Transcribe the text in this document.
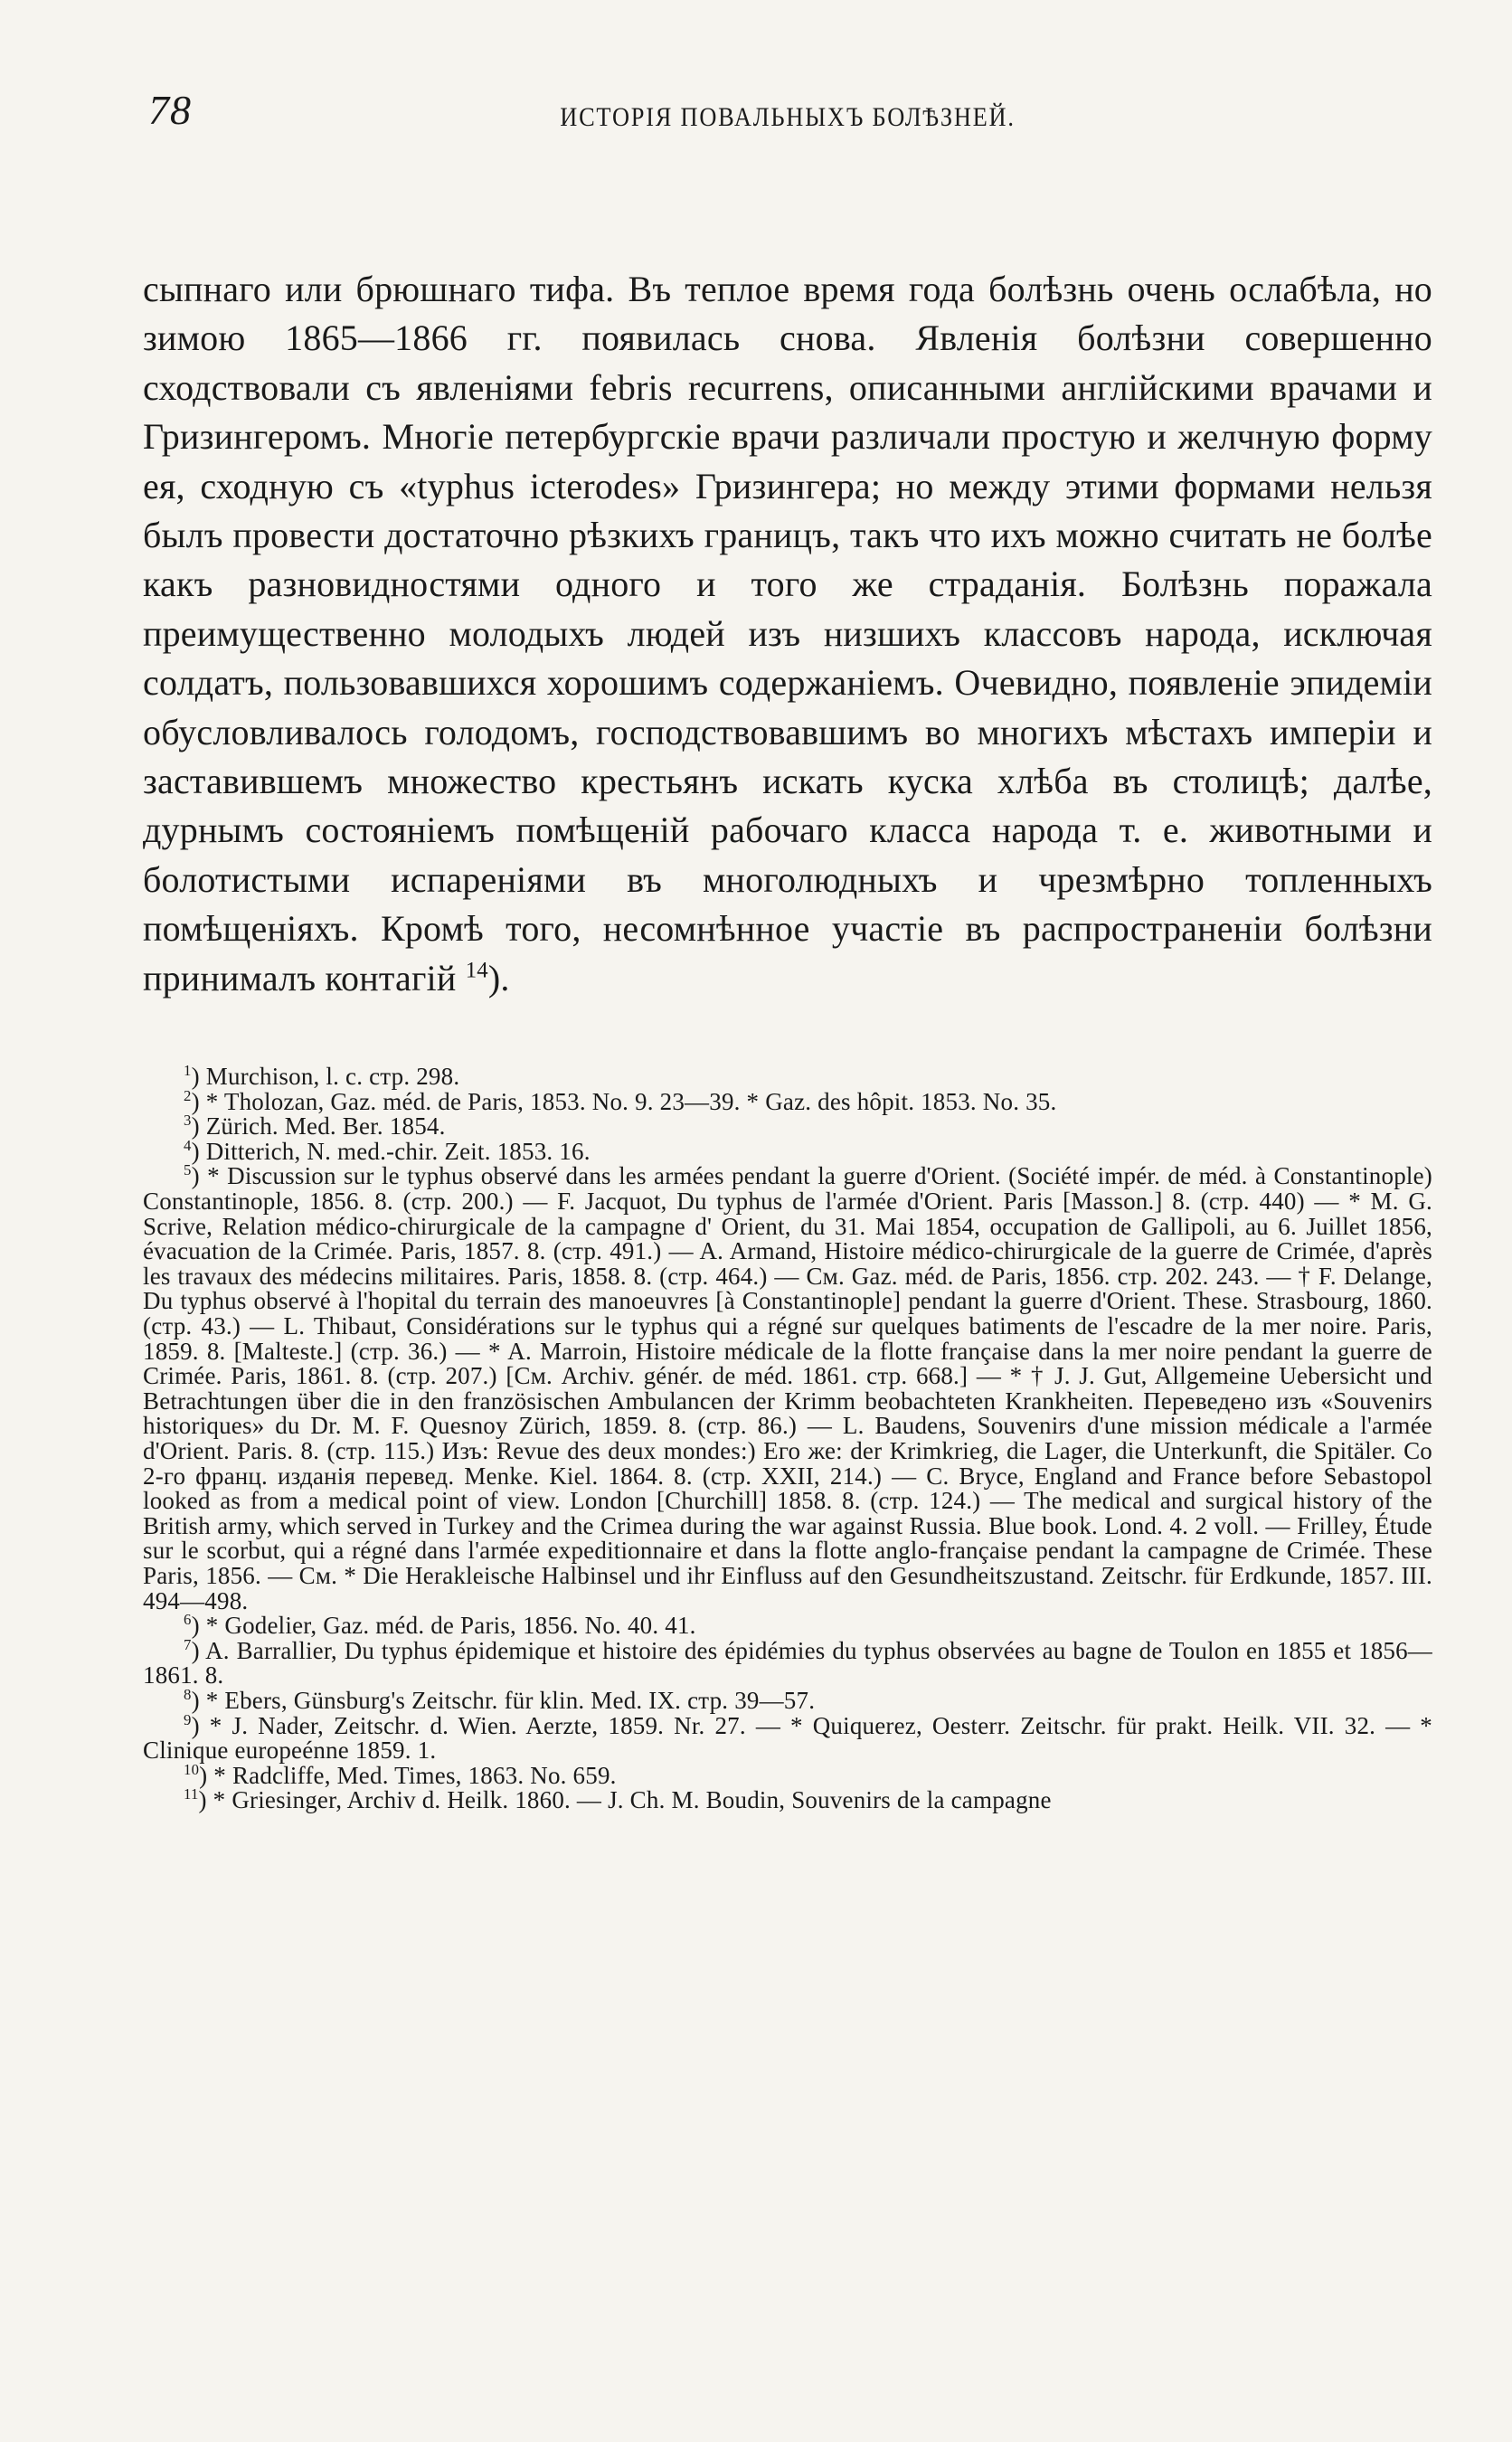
78	ИСТОРІЯ ПОВАЛЬНЫХЪ БОЛѢЗНЕЙ.
сыпнаго или брюшнаго тифа. Въ теплое время года болѣзнь очень ослабѣла, но зимою 1865—1866 гг. появилась снова. Явленія болѣзни совершенно сходствовали съ явленіями febris recurrens, описанными англійскими врачами и Гризингеромъ. Многіе петербургскіе врачи различали простую и желчную форму ея, сходную съ «typhus icterodes» Гризингера; но между этими формами нельзя былъ провести достаточно рѣзкихъ границъ, такъ что ихъ можно считать не болѣе какъ разновидностями одного и того же страданія. Болѣзнь поражала преимущественно молодыхъ людей изъ низшихъ классовъ народа, исключая солдатъ, пользовавшихся хорошимъ содержаніемъ. Очевидно, появленіе эпидеміи обусловливалось голодомъ, господствовавшимъ во многихъ мѣстахъ имперіи и заставившемъ множество крестьянъ искать куска хлѣба въ столицѣ; далѣе, дурнымъ состояніемъ помѣщеній рабочаго класса народа т. е. животными и болотистыми испареніями въ многолюдныхъ и чрезмѣрно топленныхъ помѣщеніяхъ. Кромѣ того, несомнѣнное участіе въ распространеніи болѣзни принималъ контагій $^{14}$).

$^1$) Murchison, l. c. стр. 298.

$^2$) * Tholozan, Gaz. méd. de Paris, 1853. No. 9. 23—39. * Gaz. des hôpit. 1853. No. 35.

$^3$) Zürich. Med. Ber. 1854.

$^4$) Ditterich, N. med.-chir. Zeit. 1853. 16.

$^5$) * Discussion sur le typhus observé dans les armées pendant la guerre d'Orient. (Société impér. de méd. à Constantinople) Constantinople, 1856. 8. (стр. 200.) — F. Jacquot, Du typhus de l'armée d'Orient. Paris [Masson.] 8. (стр. 440) — * M. G. Scrive, Relation médico-chirurgicale de la campagne d' Orient, du 31. Mai 1854, occupation de Gallipoli, au 6. Juillet 1856, évacuation de la Crimée. Paris, 1857. 8. (стр. 491.) — A. Armand, Histoire médico-chirurgicale de la guerre de Crimée, d'après les travaux des médecins militaires. Paris, 1858. 8. (стр. 464.) — См. Gaz. méd. de Paris, 1856. стр. 202. 243. — † F. Delange, Du typhus observé à l'hopital du terrain des manoeuvres [à Constantinople] pendant la guerre d'Orient. These. Strasbourg, 1860. (стр. 43.) — L. Thibaut, Considérations sur le typhus qui a régné sur quelques batiments de l'escadre de la mer noire. Paris, 1859. 8. [Malteste.] (стр. 36.) — * A. Marroin, Histoire médicale de la flotte française dans la mer noire pendant la guerre de Crimée. Paris, 1861. 8. (стр. 207.) [См. Archiv. génér. de méd. 1861. стр. 668.] — * † J. J. Gut, Allgemeine Uebersicht und Betrachtungen über die in den französischen Ambulancen der Krimm beobachteten Krankheiten. Переведено изъ «Souvenirs historiques» du Dr. M. F. Quesnoy Zürich, 1859. 8. (стр. 86.) — L. Baudens, Souvenirs d'une mission médicale a l'armée d'Orient. Paris. 8. (стр. 115.) Изъ: Revue des deux mondes:) Его же: der Krimkrieg, die Lager, die Unterkunft, die Spitäler. Со 2-го франц. изданія перевед. Menke. Kiel. 1864. 8. (стр. XXII, 214.) — C. Bryce, England and France before Sebastopol looked as from a medical point of view. London [Churchill] 1858. 8. (стр. 124.) — The medical and surgical history of the British army, which served in Turkey and the Crimea during the war against Russia. Blue book. Lond. 4. 2 voll. — Frilley, Étude sur le scorbut, qui a régné dans l'armée expeditionnaire et dans la flotte anglo-française pendant la campagne de Crimée. These Paris, 1856. — См. * Die Herakleische Halbinsel und ihr Einfluss auf den Gesundheitszustand. Zeitschr. für Erdkunde, 1857. III. 494—498.

$^6$) * Godelier, Gaz. méd. de Paris, 1856. No. 40. 41.

$^7$) A. Barrallier, Du typhus épidemique et histoire des épidémies du typhus observées au bagne de Toulon en 1855 et 1856—1861. 8.

$^8$) * Ebers, Günsburg's Zeitschr. für klin. Med. IX. стр. 39—57.

$^9$) * J. Nader, Zeitschr. d. Wien. Aerzte, 1859. Nr. 27. — * Quiquerez, Oesterr. Zeitschr. für prakt. Heilk. VII. 32. — * Clinique europeénne 1859. 1.

$^{10}$) * Radcliffe, Med. Times, 1863. No. 659.

$^{11}$) * Griesinger, Archiv d. Heilk. 1860. — J. Ch. M. Boudin, Souvenirs de la campagne
